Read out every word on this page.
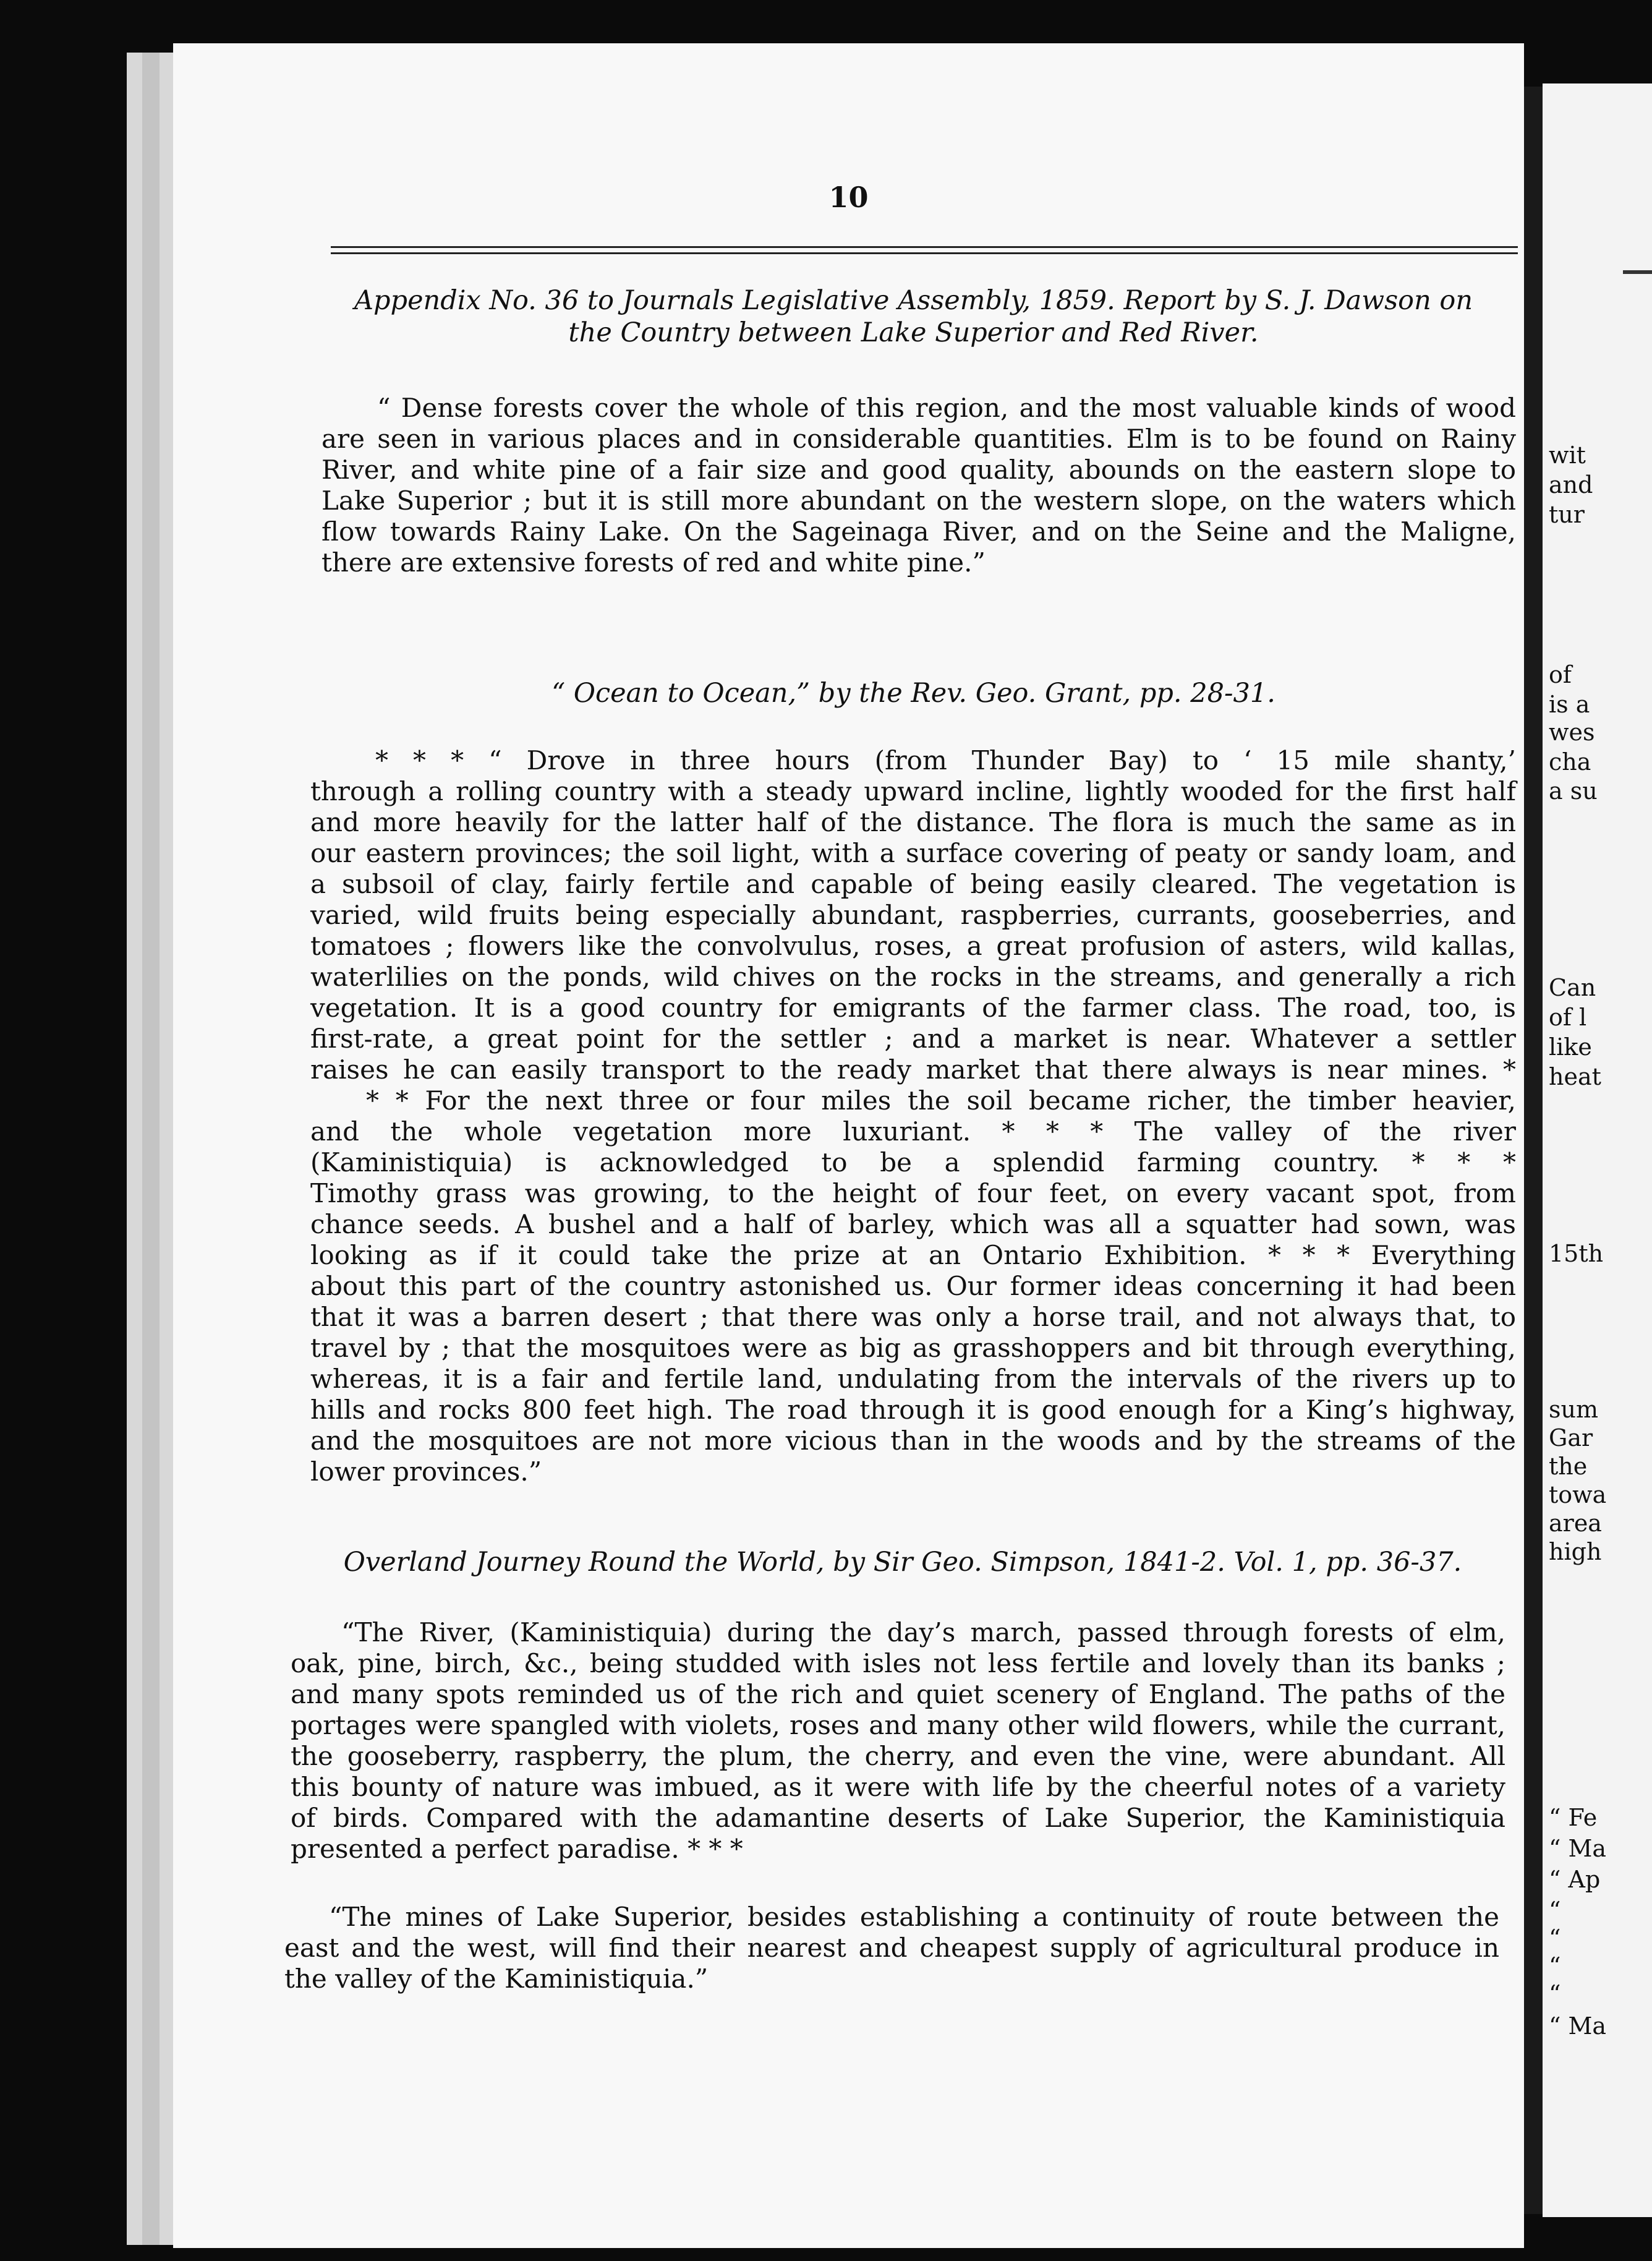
wit
and
tur
of
is a
wes
cha
a su
Can
of l
like
heat
15th
sum
Gar
the
towa
area
high
“ Fe
“ Ma
“ Ap
“
“
“
“
“ Ma
10
Appendix No. 36 to Journals Legislative Assembly, 1859. Report by S. J. Dawson on
the Country between Lake Superior and Red River.
“ Dense forests cover the whole of this region, and the most valuable kinds of wood
are seen in various places and in considerable quantities. Elm is to be found on Rainy
River, and white pine of a fair size and good quality, abounds on the eastern slope to
Lake Superior ; but it is still more abundant on the western slope, on the waters which
flow towards Rainy Lake. On the Sageinaga River, and on the Seine and the Maligne,
there are extensive forests of red and white pine.”
“ Ocean to Ocean,” by the Rev. Geo. Grant, pp. 28-31.
* * * “ Drove in three hours (from Thunder Bay) to ‘ 15 mile shanty,’
through a rolling country with a steady upward incline, lightly wooded for the first half
and more heavily for the latter half of the distance. The flora is much the same as in
our eastern provinces; the soil light, with a surface covering of peaty or sandy loam, and
a subsoil of clay, fairly fertile and capable of being easily cleared. The vegetation is
varied, wild fruits being especially abundant, raspberries, currants, gooseberries, and
tomatoes ; flowers like the convolvulus, roses, a great profusion of asters, wild kallas,
waterlilies on the ponds, wild chives on the rocks in the streams, and generally a rich
vegetation. It is a good country for emigrants of the farmer class. The road, too, is
first-rate, a great point for the settler ; and a market is near. Whatever a settler
raises he can easily transport to the ready market that there always is near mines. *
* * For the next three or four miles the soil became richer, the timber heavier,
and the whole vegetation more luxuriant. * * * The valley of the river
(Kaministiquia) is acknowledged to be a splendid farming country. * * *
Timothy grass was growing, to the height of four feet, on every vacant spot, from
chance seeds. A bushel and a half of barley, which was all a squatter had sown, was
looking as if it could take the prize at an Ontario Exhibition. * * * Everything
about this part of the country astonished us. Our former ideas concerning it had been
that it was a barren desert ; that there was only a horse trail, and not always that, to
travel by ; that the mosquitoes were as big as grasshoppers and bit through everything,
whereas, it is a fair and fertile land, undulating from the intervals of the rivers up to
hills and rocks 800 feet high. The road through it is good enough for a King’s highway,
and the mosquitoes are not more vicious than in the woods and by the streams of the
lower provinces.”
Overland Journey Round the World, by Sir Geo. Simpson, 1841-2. Vol. 1, pp. 36-37.
“The River, (Kaministiquia) during the day’s march, passed through forests of elm,
oak, pine, birch, &c., being studded with isles not less fertile and lovely than its banks ;
and many spots reminded us of the rich and quiet scenery of England. The paths of the
portages were spangled with violets, roses and many other wild flowers, while the currant,
the gooseberry, raspberry, the plum, the cherry, and even the vine, were abundant. All
this bounty of nature was imbued, as it were with life by the cheerful notes of a variety
of birds. Compared with the adamantine deserts of Lake Superior, the Kaministiquia
presented a perfect paradise. * * *
“The mines of Lake Superior, besides establishing a continuity of route between the
east and the west, will find their nearest and cheapest supply of agricultural produce in
the valley of the Kaministiquia.”
